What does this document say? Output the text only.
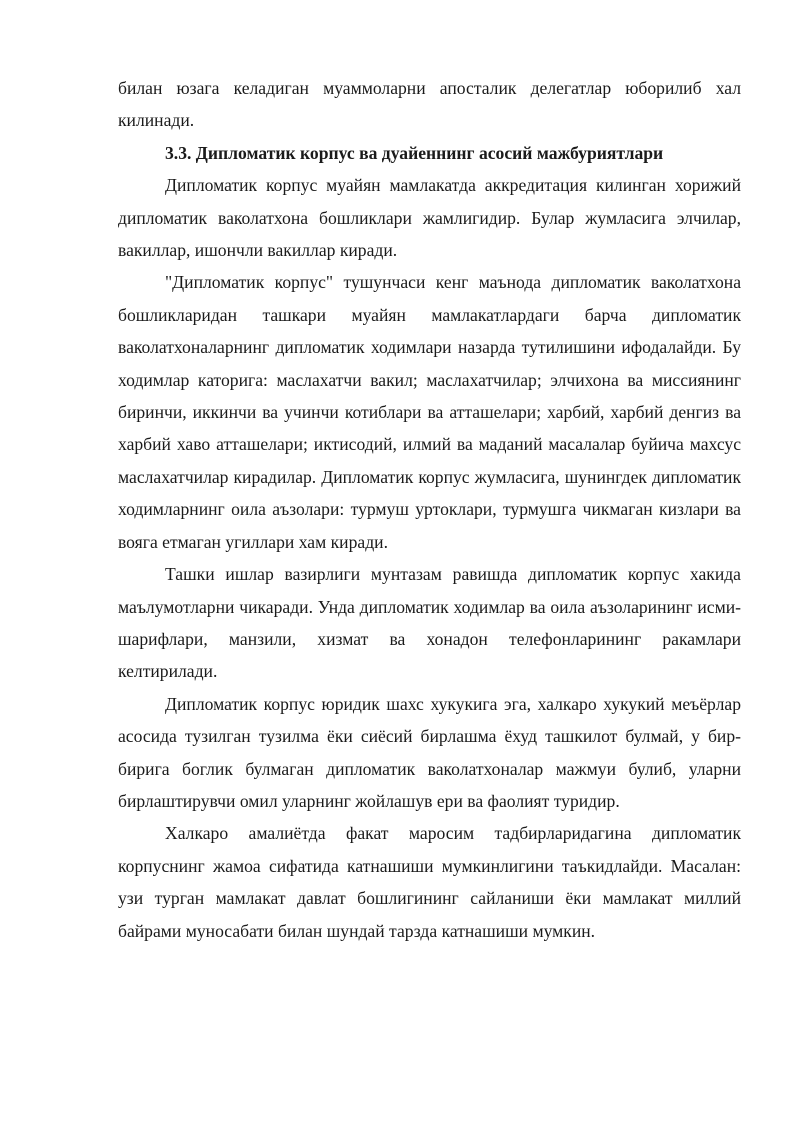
билан юзага келадиган муаммоларни апосталик делегатлар юборилиб хал килинади.

3.3. Дипломатик корпус ва дуайеннинг асосий мажбуриятлари

Дипломатик корпус муайян мамлакатда аккредитация килинган хорижий дипломатик ваколатхона бошликлари жамлигидир. Булар жумласига элчилар, вакиллар, ишончли вакиллар киради.

"Дипломатик корпус" тушунчаси кенг маънода дипломатик ваколатхона бошликларидан ташкари муайян мамлакатлардаги барча дипломатик ваколатхоналарнинг дипломатик ходимлари назарда тутилишини ифодалайди. Бу ходимлар каторига: маслахатчи вакил; маслахатчилар; элчихона ва миссиянинг биринчи, иккинчи ва учинчи котиблари ва атташелари; харбий, харбий денгиз ва харбий хаво атташелари; иктисодий, илмий ва маданий масалалар буйича махсус маслахатчилар кирадилар. Дипломатик корпус жумласига, шунингдек дипломатик ходимларнинг оила аъзолари: турмуш уртоклари, турмушга чикмаган кизлари ва вояга етмаган угиллари хам киради.

Ташки ишлар вазирлиги мунтазам равишда дипломатик корпус хакида маълумотларни чикаради. Унда дипломатик ходимлар ва оила аъзоларининг исми-шарифлари, манзили, хизмат ва хонадон телефонларининг ракамлари келтирилади.

Дипломатик корпус юридик шахс хукукига эга, халкаро хукукий меъёрлар асосида тузилган тузилма ёки сиёсий бирлашма ёхуд ташкилот булмай, у бир-бирига боглик булмаган дипломатик ваколатхоналар мажмуи булиб, уларни бирлаштирувчи омил уларнинг жойлашув ери ва фаолият туридир.

Халкаро амалиётда факат маросим тадбирларидагина дипломатик корпуснинг жамоа сифатида катнашиши мумкинлигини таъкидлайди. Масалан: узи турган мамлакат давлат бошлигининг сайланиши ёки мамлакат миллий байрами муносабати билан шундай тарзда катнашиши мумкин.
